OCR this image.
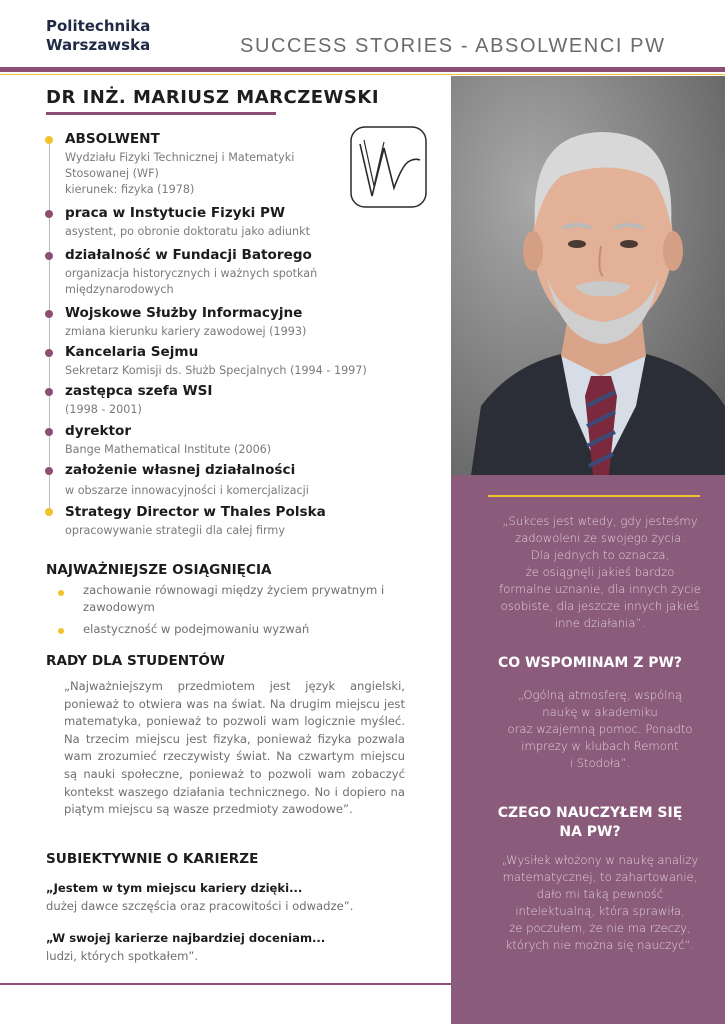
Politechnika
Warszawska	SUCCESS STORIES - ABSOLWENCI PW
„Sukces jest wtedy, gdy jesteśmy
zadowoleni ze swojego życia.
Dla jednych to oznacza,
że osiągnęli jakieś bardzo
formalne uznanie, dla innych życie
osobiste, dla jeszcze innych jakieś
inne działania”.
CO WSPOMINAM Z PW?
„Ogólną atmosferę, wspólną
naukę w akademiku
oraz wzajemną pomoc. Ponadto
imprezy w klubach Remont
i Stodoła”.
CZEGO NAUCZYŁEM SIĘ
NA PW?
„Wysiłek włożony w naukę analizy
matematycznej, to zahartowanie,
dało mi taką pewność
intelektualną, która sprawiła,
że poczułem, że nie ma rzeczy,
których nie można się nauczyć”.
DR INŻ. MARIUSZ MARCZEWSKI
ABSOLWENT
Wydziału Fizyki Technicznej i Matematyki
Stosowanej (WF)
kierunek: fizyka (1978)
praca w Instytucie Fizyki PW
asystent, po obronie doktoratu jako adiunkt
działalność w Fundacji Batorego
organizacja historycznych i ważnych spotkań
międzynarodowych
Wojskowe Służby Informacyjne
zmiana kierunku kariery zawodowej (1993)
Kancelaria Sejmu
Sekretarz Komisji ds. Służb Specjalnych (1994 - 1997)
zastępca szefa WSI
(1998 - 2001)
dyrektor
Bange Mathematical Institute (2006)
założenie własnej działalności
w obszarze innowacyjności i komercjalizacji
Strategy Director w Thales Polska
opracowywanie strategii dla całej firmy
NAJWAŻNIEJSZE OSIĄGNIĘCIA
zachowanie równowagi między życiem prywatnym i zawodowym
elastyczność w podejmowaniu wyzwań
RADY DLA STUDENTÓW
„Najważniejszym przedmiotem jest język angielski, ponieważ to otwiera was na świat. Na drugim miejscu jest matematyka, ponieważ to pozwoli wam logicznie myśleć. Na trzecim miejscu jest fizyka, ponieważ fizyka pozwala wam zrozumieć rzeczywisty świat. Na czwartym miejscu są nauki społeczne, ponieważ to pozwoli wam zobaczyć kontekst waszego działania technicznego. No i dopiero na piątym miejscu są wasze przedmioty zawodowe”.
SUBIEKTYWNIE O KARIERZE
„Jestem w tym miejscu kariery dzięki...
dużej dawce szczęścia oraz pracowitości i odwadze”.
„W swojej karierze najbardziej doceniam...
ludzi, których spotkałem”.
